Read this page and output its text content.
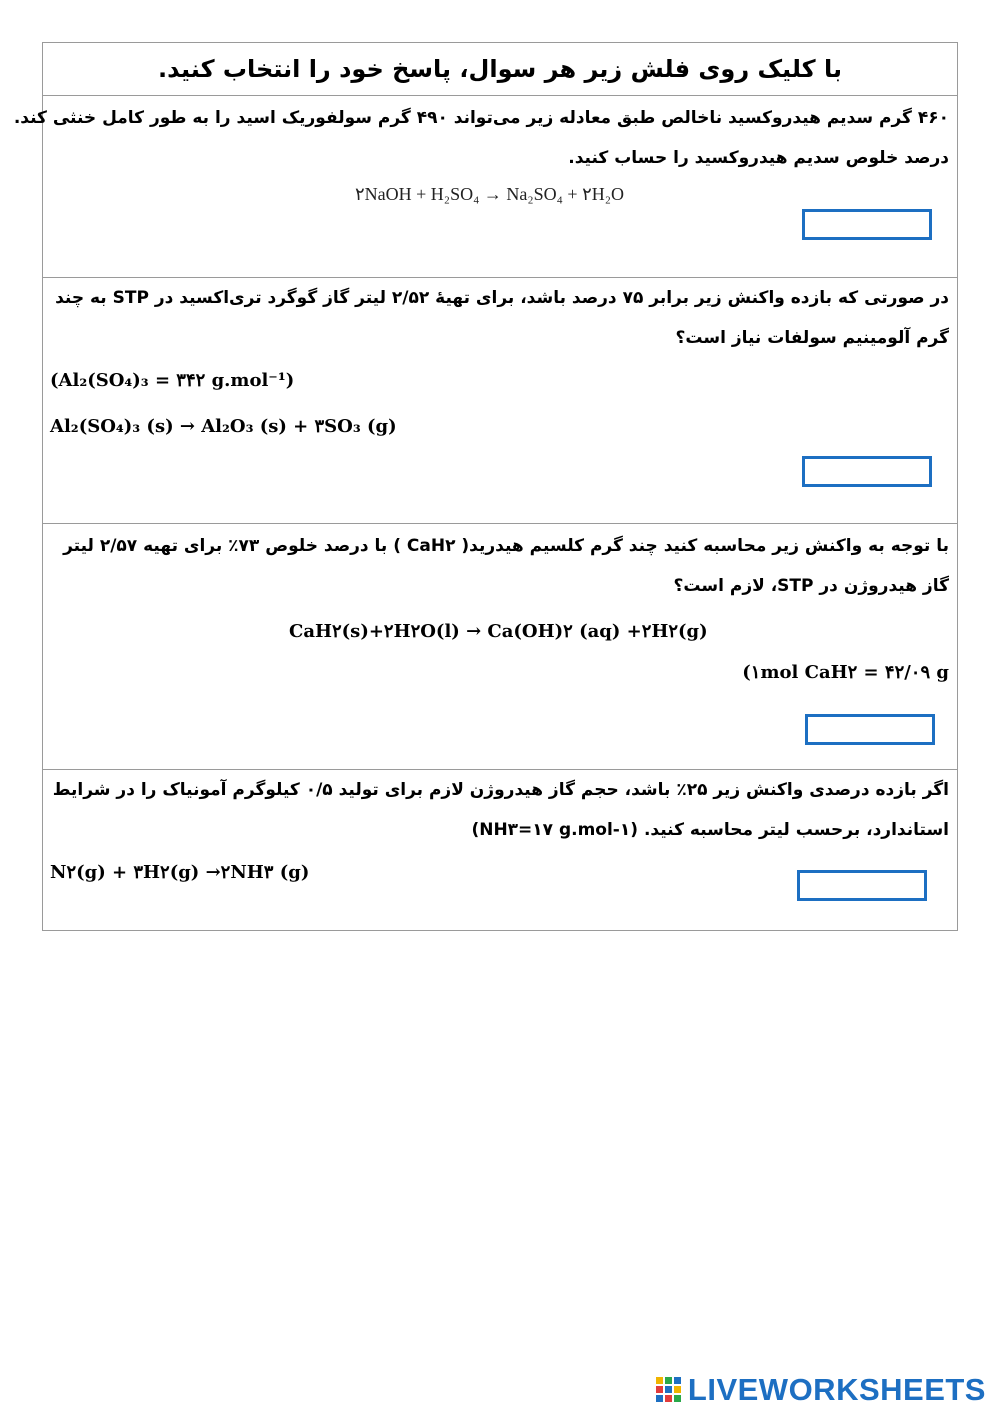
با کلیک روی فلش زیر هر سوال، پاسخ خود را انتخاب کنید.
۴۶۰ گرم سدیم هیدروکسید ناخالص طبق معادله زیر می‌تواند ۴۹۰ گرم سولفوریک اسید را به طور کامل خنثی کند.
درصد خلوص سدیم هیدروکسید را حساب کنید.
۲NaOH + H₂SO₄ → Na₂SO₄ + ۲H₂O
در صورتی که بازده واکنش زیر برابر ۷۵ درصد باشد، برای تهیهٔ ۲/۵۲ لیتر گاز گوگرد تری‌اکسید در STP به چند
گرم آلومینیم سولفات نیاز است؟
(Al₂(SO₄)₃ = ۳۴۲ g.mol⁻¹)
Al₂(SO₄)₃ (s) → Al₂O₃ (s) + ۳SO₃ (g)
با توجه به واکنش زیر محاسبه کنید چند گرم کلسیم هیدرید( CaH۲ ) با درصد خلوص ۷۳٪ برای تهیه ۲/۵۷ لیتر
گاز هیدروژن در STP، لازم است؟
CaH۲(s)+۲H۲O(l) → Ca(OH)۲ (aq) +۲H۲(g)
(۱mol CaH۲ = ۴۲/۰۹ g
اگر بازده درصدی واکنش زیر ۲۵٪ باشد، حجم گاز هیدروژن لازم برای تولید ۰/۵ کیلوگرم آمونیاک را در شرایط
استاندارد، برحسب لیتر محاسبه کنید. (NH۳=۱۷ g.mol-۱)
N۲(g) + ۳H۲(g) →۲NH۳ (g)
LIVEWORKSHEETS
